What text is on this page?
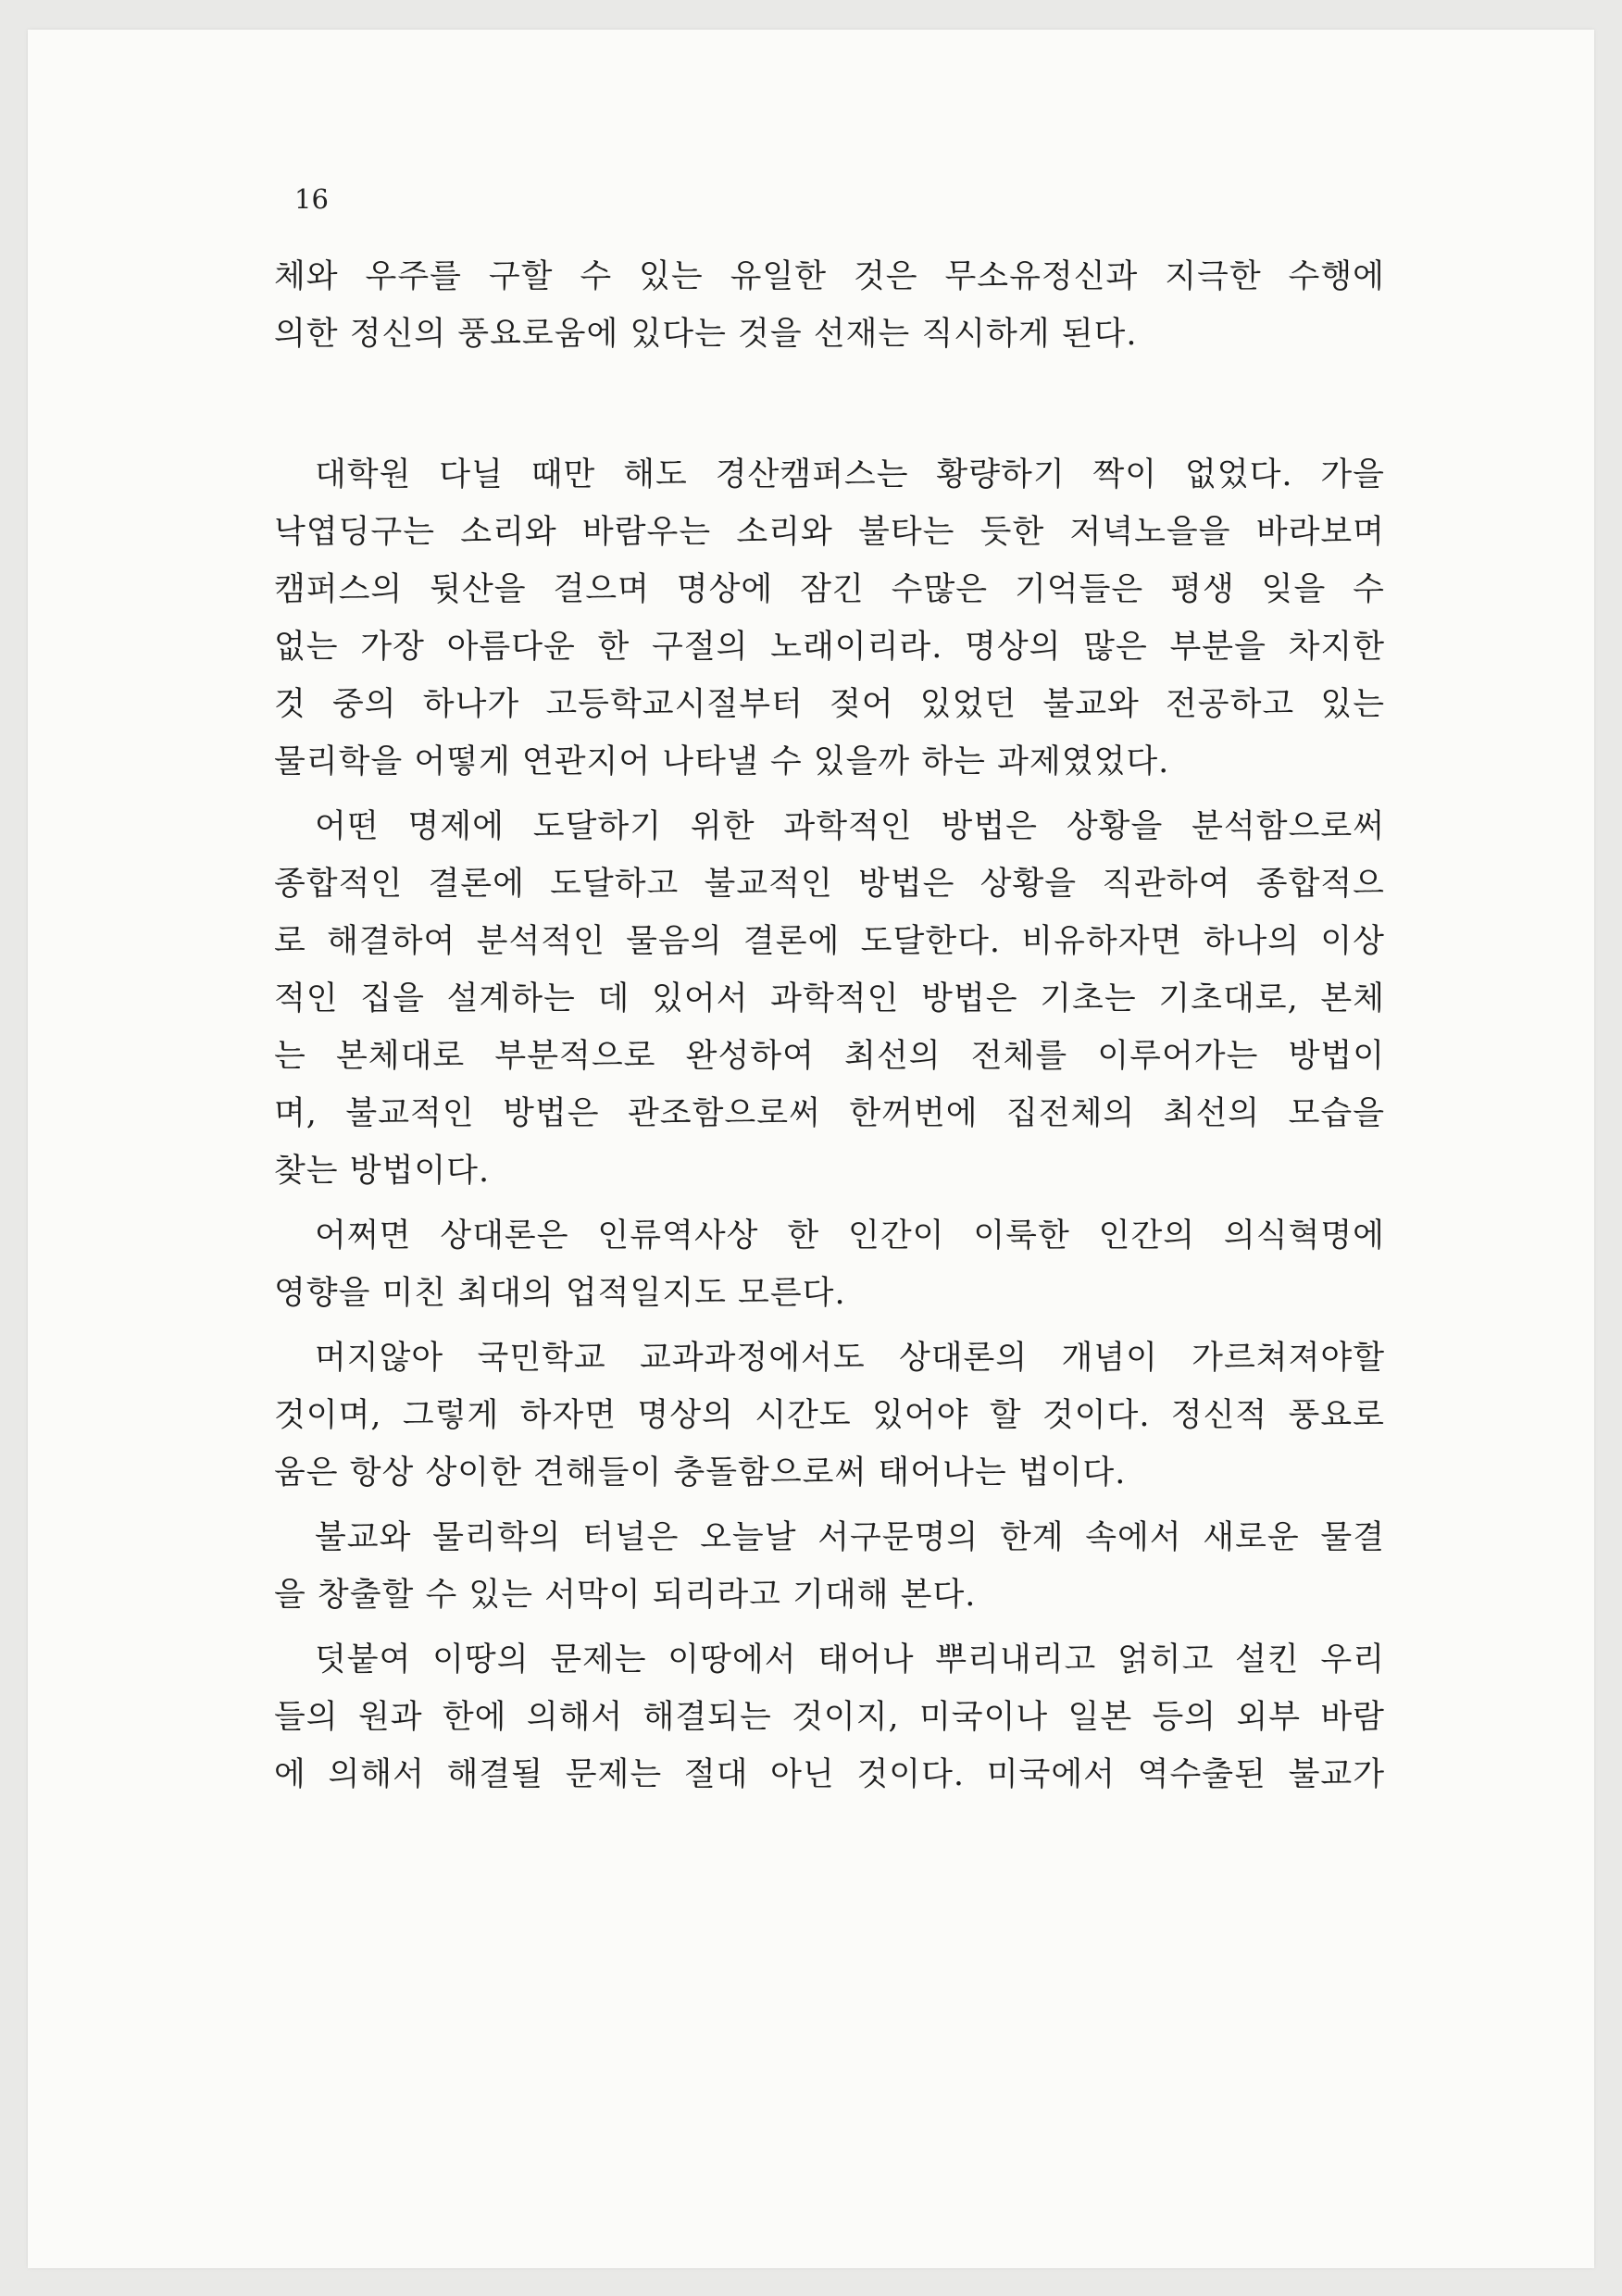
16
체와 우주를 구할 수 있는 유일한 것은 무소유정신과 지극한 수행에
의한 정신의 풍요로움에 있다는 것을 선재는 직시하게 된다.
대학원 다닐 때만 해도 경산캠퍼스는 황량하기 짝이 없었다. 가을
낙엽딩구는 소리와 바람우는 소리와 불타는 듯한 저녁노을을 바라보며
캠퍼스의 뒷산을 걸으며 명상에 잠긴 수많은 기억들은 평생 잊을 수
없는 가장 아름다운 한 구절의 노래이리라. 명상의 많은 부분을 차지한
것 중의 하나가 고등학교시절부터 젖어 있었던 불교와 전공하고 있는
물리학을 어떻게 연관지어 나타낼 수 있을까 하는 과제였었다.
어떤 명제에 도달하기 위한 과학적인 방법은 상황을 분석함으로써
종합적인 결론에 도달하고 불교적인 방법은 상황을 직관하여 종합적으
로 해결하여 분석적인 물음의 결론에 도달한다. 비유하자면 하나의 이상
적인 집을 설계하는 데 있어서 과학적인 방법은 기초는 기초대로, 본체
는 본체대로 부분적으로 완성하여 최선의 전체를 이루어가는 방법이
며, 불교적인 방법은 관조함으로써 한꺼번에 집전체의 최선의 모습을
찾는 방법이다.
어쩌면 상대론은 인류역사상 한 인간이 이룩한 인간의 의식혁명에
영향을 미친 최대의 업적일지도 모른다.
머지않아 국민학교 교과과정에서도 상대론의 개념이 가르쳐져야할
것이며, 그렇게 하자면 명상의 시간도 있어야 할 것이다. 정신적 풍요로
움은 항상 상이한 견해들이 충돌함으로써 태어나는 법이다.
불교와 물리학의 터널은 오늘날 서구문명의 한계 속에서 새로운 물결
을 창출할 수 있는 서막이 되리라고 기대해 본다.
덧붙여 이땅의 문제는 이땅에서 태어나 뿌리내리고 얽히고 설킨 우리
들의 원과 한에 의해서 해결되는 것이지, 미국이나 일본 등의 외부 바람
에 의해서 해결될 문제는 절대 아닌 것이다. 미국에서 역수출된 불교가
